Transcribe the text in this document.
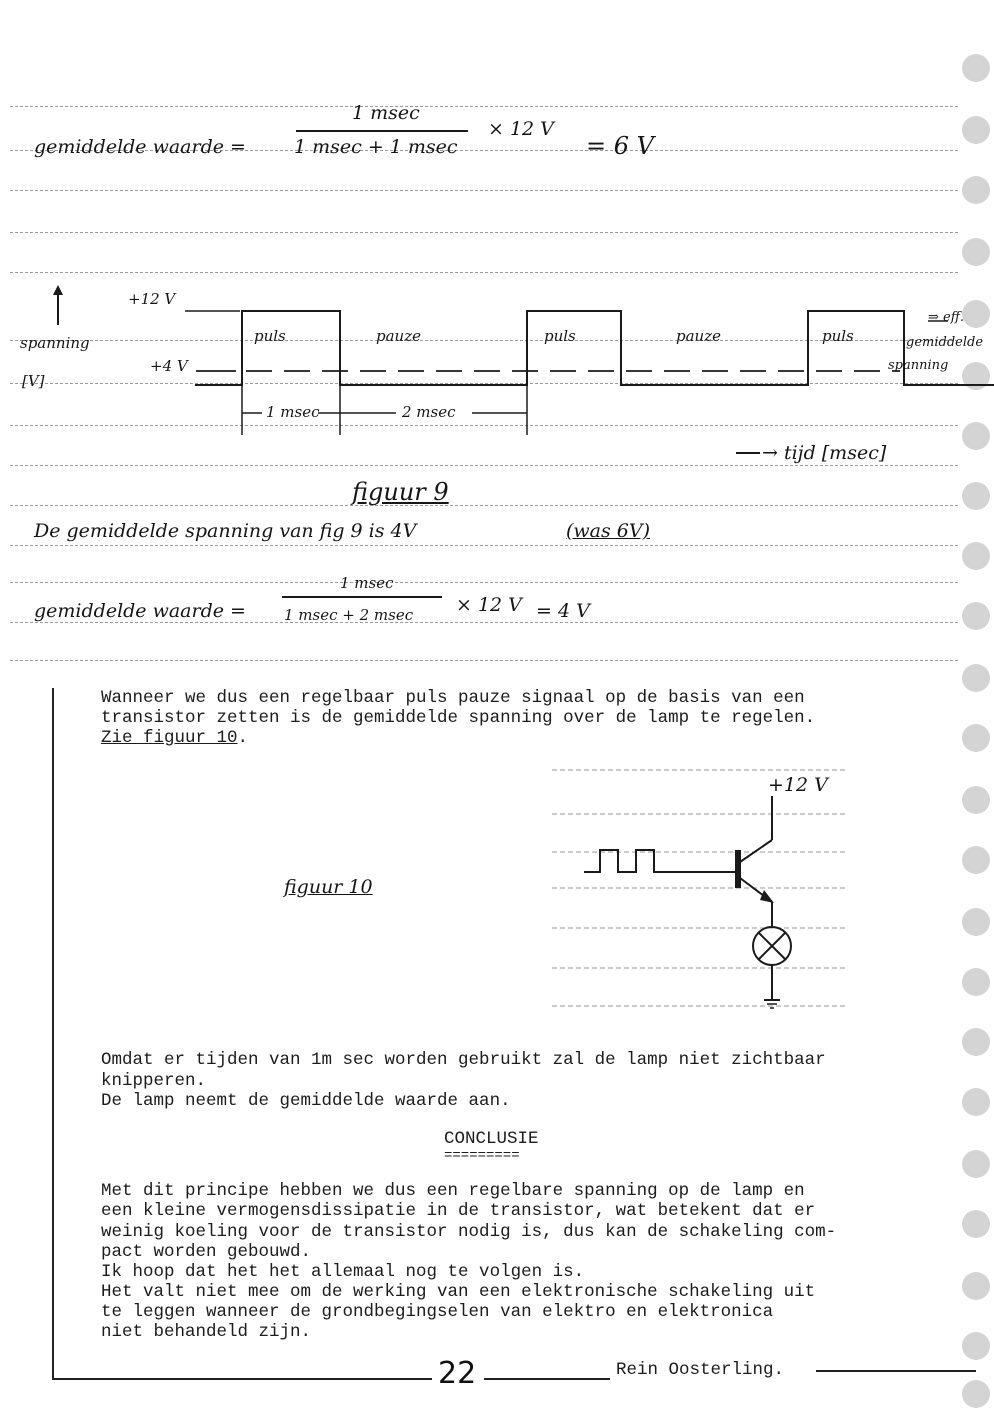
gemiddelde waarde =
1 msec
1 msec + 1 msec
× 12 V
= 6 V
+12 V
spanning
+4 V
[V]
puls	pauze	puls	pauze	puls
⇒ eff.
gemiddelde
spanning
1 msec	2 msec
→ tijd [msec]
figuur 9
De gemiddelde spanning van fig 9 is 4V	(was 6V)
gemiddelde waarde =
1 msec
1 msec + 2 msec × 12 V = 4 V
Wanneer we dus een regelbaar puls pauze signaal op de basis van een
transistor zetten is de gemiddelde spanning over de lamp te regelen.
Zie figuur 10.
figuur 10
+12 V
Omdat er tijden van 1m sec worden gebruikt zal de lamp niet zichtbaar
knipperen.
De lamp neemt de gemiddelde waarde aan.
CONCLUSIE
=========
Met dit principe hebben we dus een regelbare spanning op de lamp en
een kleine vermogensdissipatie in de transistor, wat betekent dat er
weinig koeling voor de transistor nodig is, dus kan de schakeling com-
pact worden gebouwd.
Ik hoop dat het het allemaal nog te volgen is.
Het valt niet mee om de werking van een elektronische schakeling uit
te leggen wanneer de grondbegingselen van elektro en elektronica
niet behandeld zijn.
22	Rein Oosterling.
